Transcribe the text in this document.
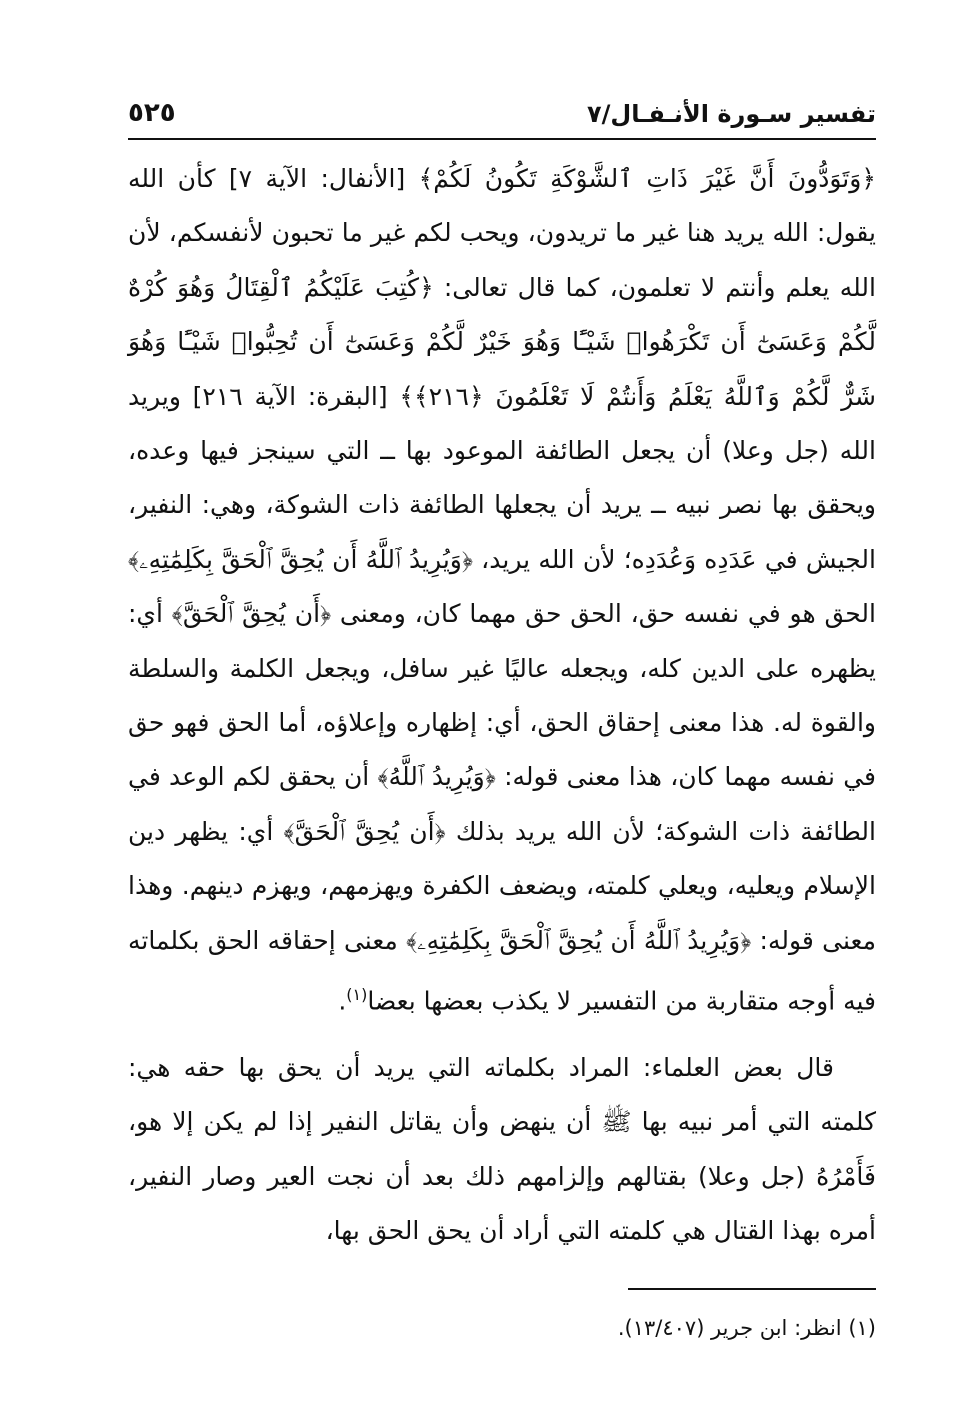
تفسير سـورة الأنـفـال/٧
٥٢٥

﴿وَتَوَدُّونَ أَنَّ غَيْرَ ذَاتِ ٱلشَّوْكَةِ تَكُونُ لَكُمْ﴾ [الأنفال: الآية ٧] كأن الله يقول: الله يريد هنا غير ما تريدون، ويحب لكم غير ما تحبون لأنفسكم، لأن الله يعلم وأنتم لا تعلمون، كما قال تعالى: ﴿كُتِبَ عَلَيْكُمُ ٱلْقِتَالُ وَهُوَ كُرْهٌ لَّكُمْ وَعَسَىٰٓ أَن تَكْرَهُوا۟ شَيْـًٔا وَهُوَ خَيْرٌ لَّكُمْ وَعَسَىٰٓ أَن تُحِبُّوا۟ شَيْـًٔا وَهُوَ شَرٌّ لَّكُمْ وَٱللَّهُ يَعْلَمُ وَأَنتُمْ لَا تَعْلَمُونَ ﴿٢١٦﴾﴾ [البقرة: الآية ٢١٦] ويريد الله (جل وعلا) أن يجعل الطائفة الموعود بها ــ التي سينجز فيها وعده، ويحقق بها نصر نبيه ــ يريد أن يجعلها الطائفة ذات الشوكة، وهي: النفير، الجيش في عَدَدِه وَعُدَدِه؛ لأن الله يريد، ﴿وَيُرِيدُ ٱللَّهُ أَن يُحِقَّ ٱلْحَقَّ بِكَلِمَٰتِهِۦ﴾ الحق هو في نفسه حق، الحق حق مهما كان، ومعنى ﴿أَن يُحِقَّ ٱلْحَقَّ﴾ أي: يظهره على الدين كله، ويجعله عاليًا غير سافل، ويجعل الكلمة والسلطة والقوة له. هذا معنى إحقاق الحق، أي: إظهاره وإعلاؤه، أما الحق فهو حق في نفسه مهما كان، هذا معنى قوله: ﴿وَيُرِيدُ ٱللَّهُ﴾ أن يحقق لكم الوعد في الطائفة ذات الشوكة؛ لأن الله يريد بذلك ﴿أَن يُحِقَّ ٱلْحَقَّ﴾ أي: يظهر دين الإسلام ويعليه، ويعلي كلمته، ويضعف الكفرة ويهزمهم، ويهزم دينهم. وهذا معنى قوله: ﴿وَيُرِيدُ ٱللَّهُ أَن يُحِقَّ ٱلْحَقَّ بِكَلِمَٰتِهِۦ﴾ معنى إحقاقه الحق بكلماته فيه أوجه متقاربة من التفسير لا يكذب بعضها بعضا$^{(١)}$.

قال بعض العلماء: المراد بكلماته التي يريد أن يحق بها حقه هي: كلمته التي أمر نبيه بها ﷺ أن ينهض وأن يقاتل النفير إذا لم يكن إلا هو، فَأَمْرُهُ (جل وعلا) بقتالهم وإلزامهم ذلك بعد أن نجت العير وصار النفير، أمره بهذا القتال هي كلمته التي أراد أن يحق الحق بها،

(١) انظر: ابن جرير (١٣/٤٠٧).
